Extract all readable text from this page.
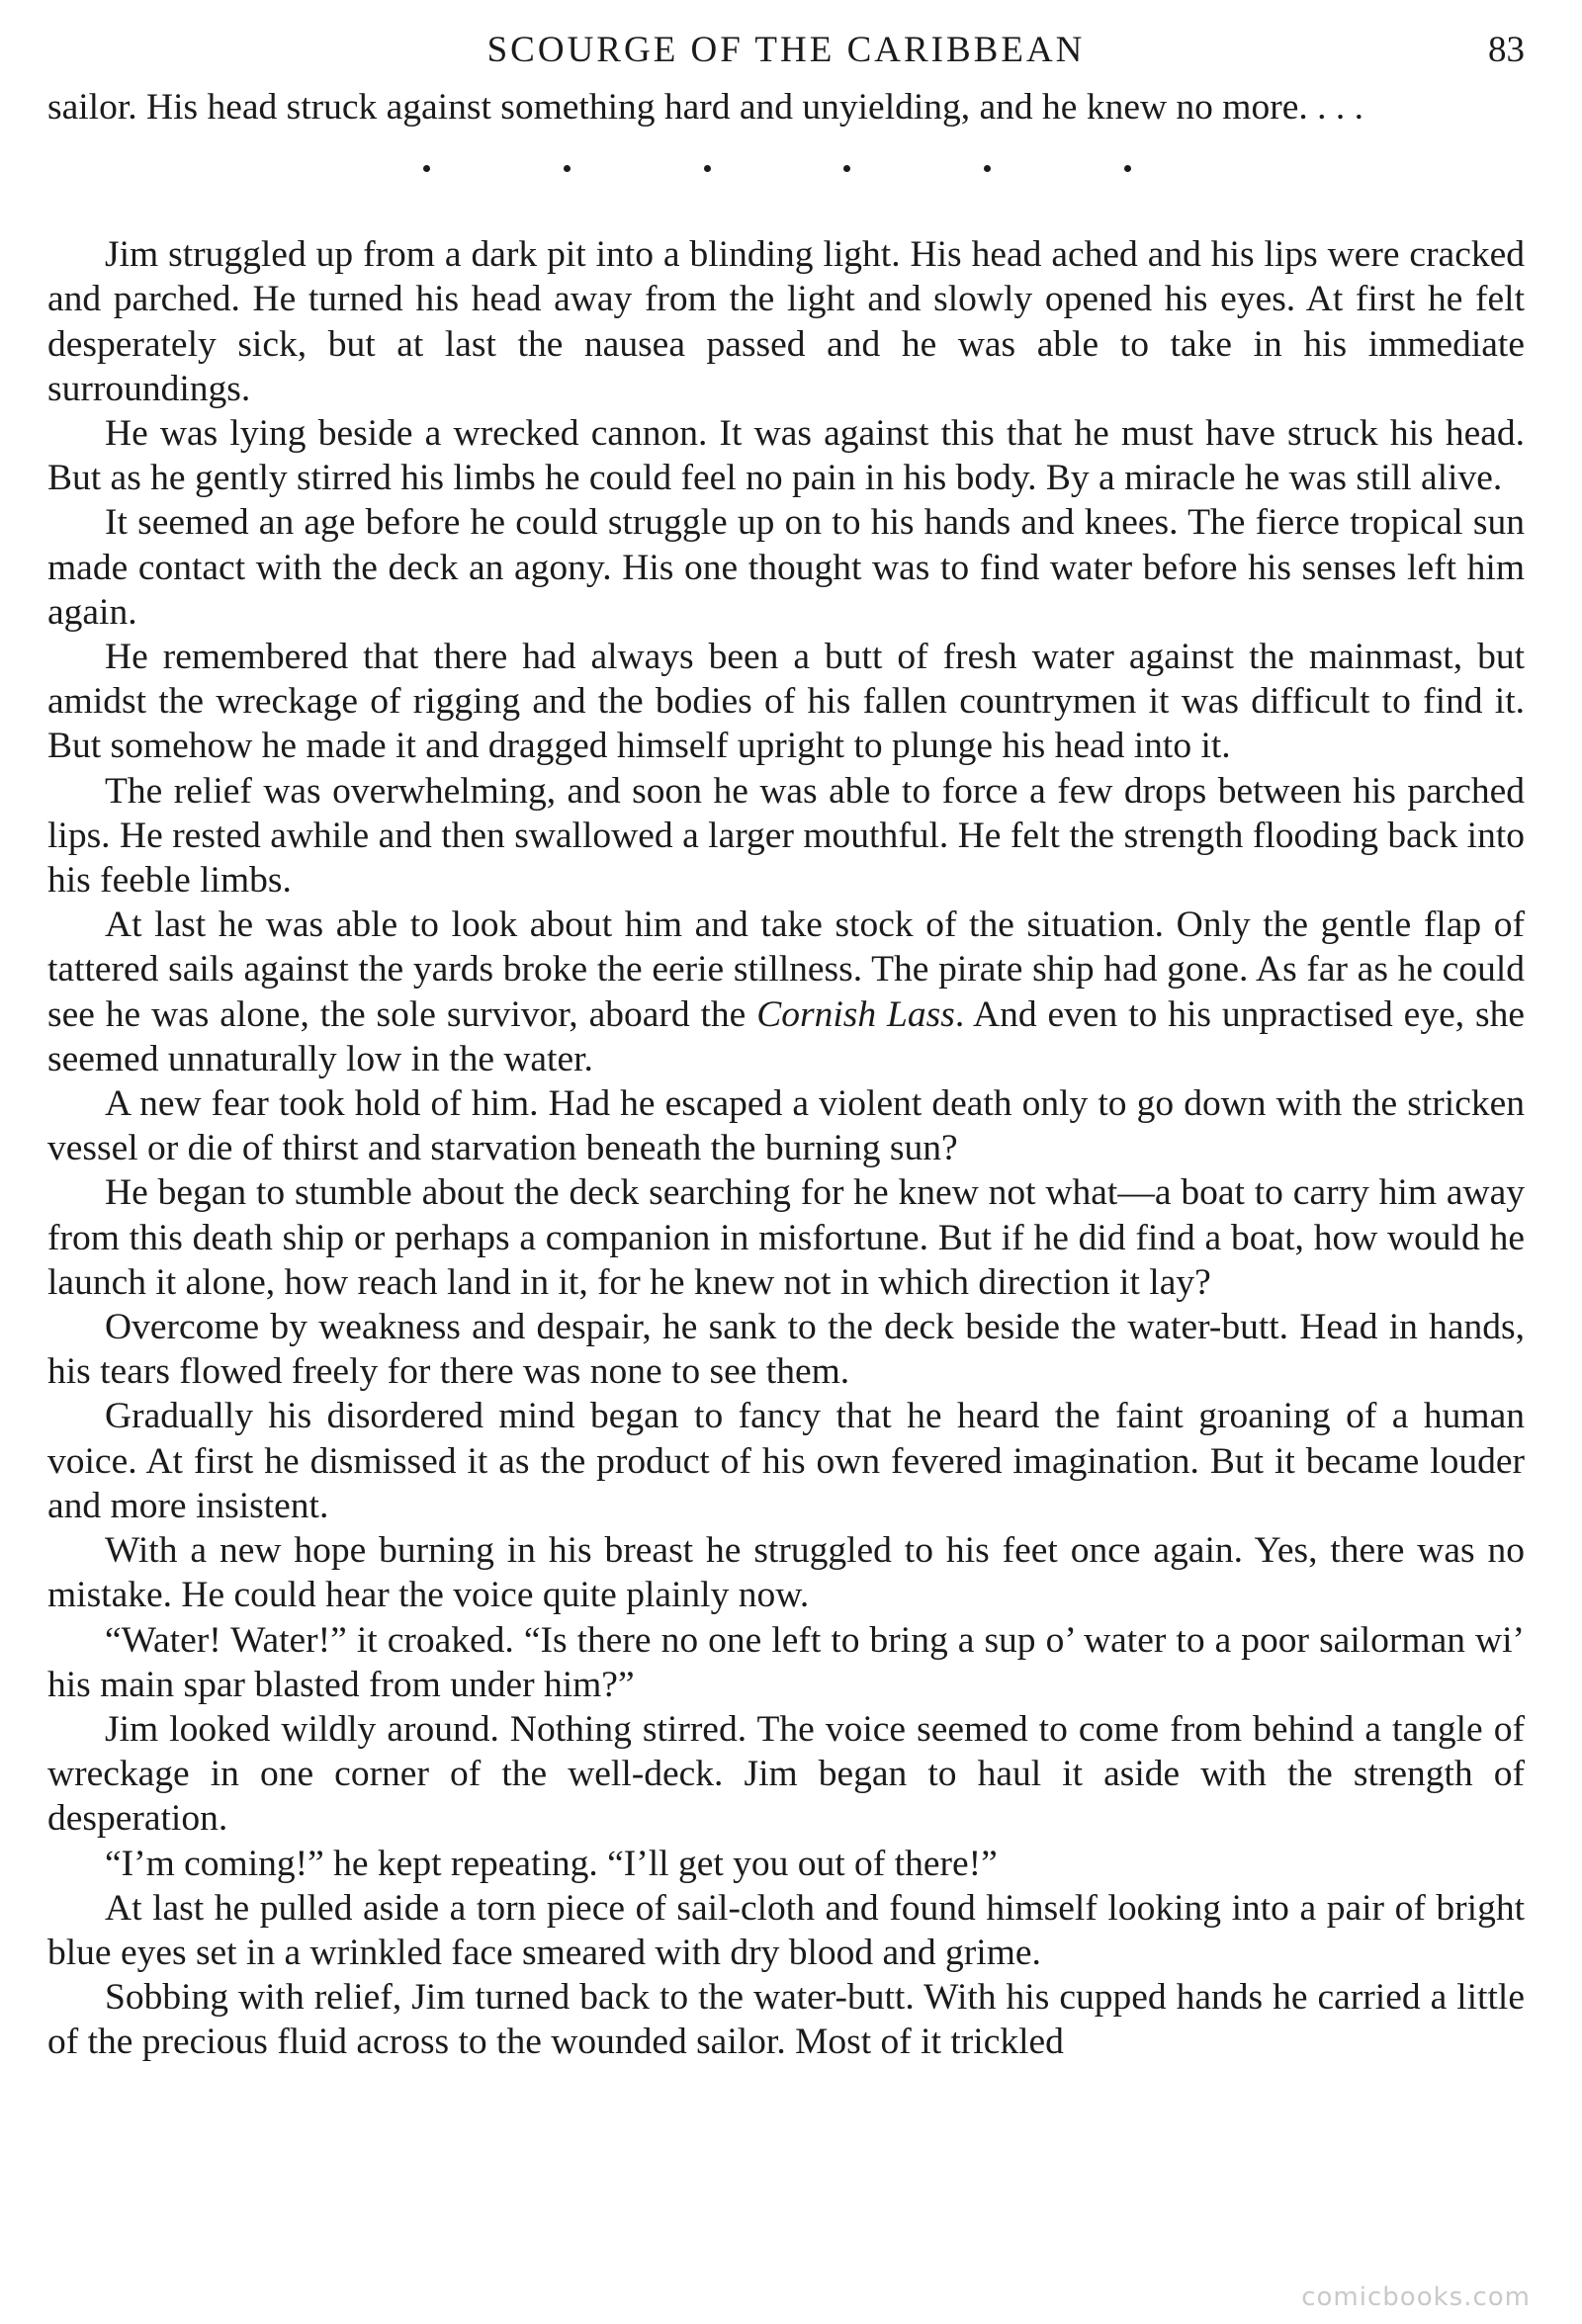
SCOURGE OF THE CARIBBEAN	83

sailor. His head struck against something hard and unyielding, and he knew no more. . . .

Jim struggled up from a dark pit into a blinding light. His head ached and his lips were cracked and parched. He turned his head away from the light and slowly opened his eyes. At first he felt desperately sick, but at last the nausea passed and he was able to take in his immediate surroundings.

He was lying beside a wrecked cannon. It was against this that he must have struck his head. But as he gently stirred his limbs he could feel no pain in his body. By a miracle he was still alive.

It seemed an age before he could struggle up on to his hands and knees. The fierce tropical sun made contact with the deck an agony. His one thought was to find water before his senses left him again.

He remembered that there had always been a butt of fresh water against the mainmast, but amidst the wreckage of rigging and the bodies of his fallen countrymen it was difficult to find it. But somehow he made it and dragged himself upright to plunge his head into it.

The relief was overwhelming, and soon he was able to force a few drops between his parched lips. He rested awhile and then swallowed a larger mouthful. He felt the strength flooding back into his feeble limbs.

At last he was able to look about him and take stock of the situation. Only the gentle flap of tattered sails against the yards broke the eerie stillness. The pirate ship had gone. As far as he could see he was alone, the sole survivor, aboard the Cornish Lass. And even to his unpractised eye, she seemed unnaturally low in the water.

A new fear took hold of him. Had he escaped a violent death only to go down with the stricken vessel or die of thirst and starvation beneath the burning sun?

He began to stumble about the deck searching for he knew not what—a boat to carry him away from this death ship or perhaps a companion in misfortune. But if he did find a boat, how would he launch it alone, how reach land in it, for he knew not in which direction it lay?

Overcome by weakness and despair, he sank to the deck beside the water-butt. Head in hands, his tears flowed freely for there was none to see them.

Gradually his disordered mind began to fancy that he heard the faint groaning of a human voice. At first he dismissed it as the product of his own fevered imagination. But it became louder and more insistent.

With a new hope burning in his breast he struggled to his feet once again. Yes, there was no mistake. He could hear the voice quite plainly now.

“Water! Water!” it croaked. “Is there no one left to bring a sup o’ water to a poor sailorman wi’ his main spar blasted from under him?”

Jim looked wildly around. Nothing stirred. The voice seemed to come from behind a tangle of wreckage in one corner of the well-deck. Jim began to haul it aside with the strength of desperation.

“I’m coming!” he kept repeating. “I’ll get you out of there!”

At last he pulled aside a torn piece of sail-cloth and found himself looking into a pair of bright blue eyes set in a wrinkled face smeared with dry blood and grime.

Sobbing with relief, Jim turned back to the water-butt. With his cupped hands he carried a little of the precious fluid across to the wounded sailor. Most of it trickled

comicbooks.com
